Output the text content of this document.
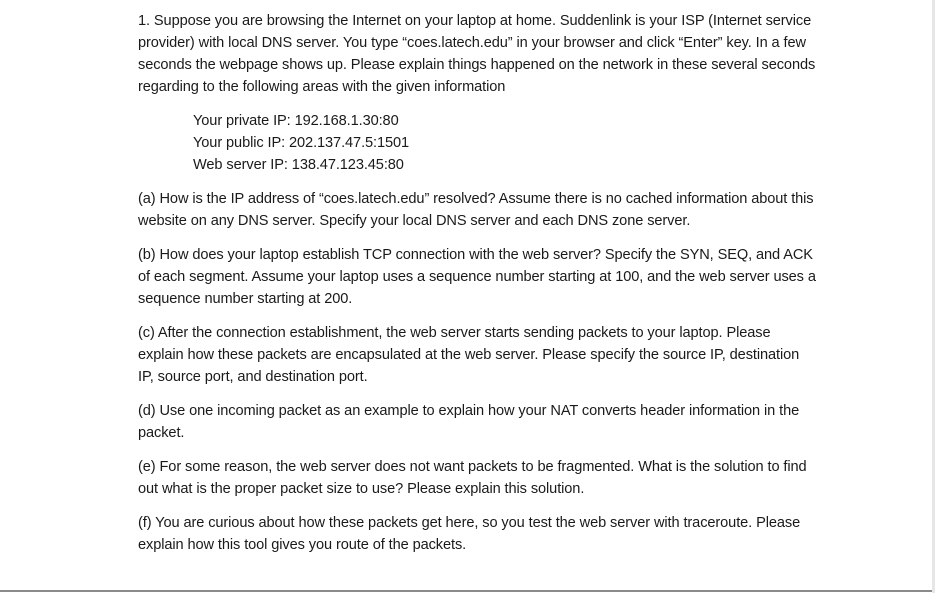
1. Suppose you are browsing the Internet on your laptop at home. Suddenlink is your ISP (Internet service provider) with local DNS server. You type “coes.latech.edu” in your browser and click “Enter” key. In a few seconds the webpage shows up. Please explain things happened on the network in these several seconds regarding to the following areas with the given information

Your private IP: 192.168.1.30:80
Your public IP: 202.137.47.5:1501
Web server IP: 138.47.123.45:80

(a) How is the IP address of “coes.latech.edu” resolved? Assume there is no cached information about this website on any DNS server. Specify your local DNS server and each DNS zone server.

(b) How does your laptop establish TCP connection with the web server? Specify the SYN, SEQ, and ACK of each segment. Assume your laptop uses a sequence number starting at 100, and the web server uses a sequence number starting at 200.

(c) After the connection establishment, the web server starts sending packets to your laptop. Please explain how these packets are encapsulated at the web server. Please specify the source IP, destination IP, source port, and destination port.

(d) Use one incoming packet as an example to explain how your NAT converts header information in the packet.

(e) For some reason, the web server does not want packets to be fragmented. What is the solution to find out what is the proper packet size to use? Please explain this solution.

(f) You are curious about how these packets get here, so you test the web server with traceroute. Please explain how this tool gives you route of the packets.
